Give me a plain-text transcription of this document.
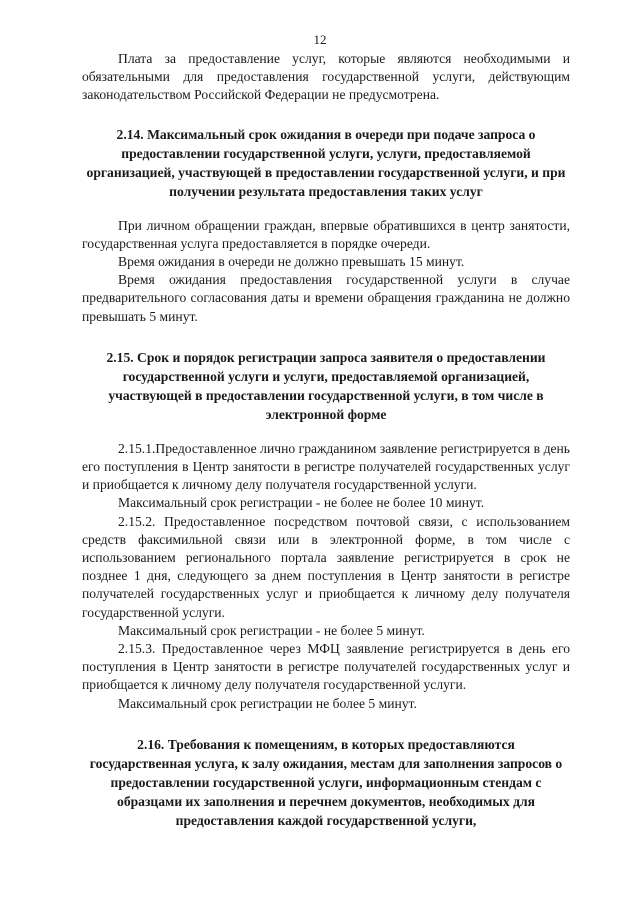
12

Плата за предоставление услуг, которые являются необходимыми и обязательными для предоставления государственной услуги, действующим законодательством Российской Федерации не предусмотрена.

2.14. Максимальный срок ожидания в очереди при подаче запроса о предоставлении государственной услуги, услуги, предоставляемой организацией, участвующей в предоставлении государственной услуги, и при получении результата предоставления таких услуг

При личном обращении граждан, впервые обратившихся в центр занятости, государственная услуга предоставляется в порядке очереди.

Время ожидания в очереди не должно превышать 15 минут.

Время ожидания предоставления государственной услуги в случае предварительного согласования даты и времени обращения гражданина не должно превышать 5 минут.

2.15. Срок и порядок регистрации запроса заявителя о предоставлении государственной услуги и услуги, предоставляемой организацией, участвующей в предоставлении государственной услуги, в том числе в электронной форме

2.15.1.Предоставленное лично гражданином заявление регистрируется в день его поступления в Центр занятости в регистре получателей государственных услуг и приобщается к личному делу получателя государственной услуги.

Максимальный срок регистрации - не более не более 10 минут.

2.15.2. Предоставленное посредством почтовой связи, с использованием средств факсимильной связи или в электронной форме, в том числе с использованием регионального портала заявление регистрируется в срок не позднее 1 дня, следующего за днем поступления в Центр занятости в регистре получателей государственных услуг и приобщается к личному делу получателя государственной услуги.

Максимальный срок регистрации - не более 5 минут.

2.15.3. Предоставленное через МФЦ заявление регистрируется в день его поступления в Центр занятости в регистре получателей государственных услуг и приобщается к личному делу получателя государственной услуги.

Максимальный срок регистрации не более 5 минут.

2.16. Требования к помещениям, в которых предоставляются государственная услуга, к залу ожидания, местам для заполнения запросов о предоставлении государственной услуги, информационным стендам с образцами их заполнения и перечнем документов, необходимых для предоставления каждой государственной услуги,
